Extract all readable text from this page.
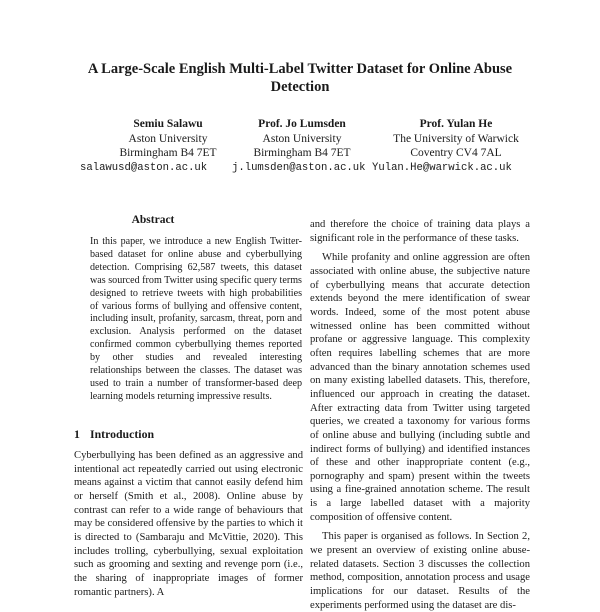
A Large-Scale English Multi-Label Twitter Dataset for Online Abuse Detection
Semiu Salawu
Aston University
Birmingham B4 7ET
Prof. Jo Lumsden
Aston University
Birmingham B4 7ET
Prof. Yulan He
The University of Warwick
Coventry CV4 7AL
salawusd@aston.ac.uk j.lumsden@aston.ac.uk Yulan.He@warwick.ac.uk
Abstract

In this paper, we introduce a new English Twitter-based dataset for online abuse and cyberbullying detection. Comprising 62,587 tweets, this dataset was sourced from Twitter using specific query terms designed to retrieve tweets with high probabilities of various forms of bullying and offensive content, including insult, profanity, sarcasm, threat, porn and exclusion. Analysis performed on the dataset confirmed common cyberbullying themes reported by other studies and revealed interesting relationships between the classes. The dataset was used to train a number of transformer-based deep learning models returning impressive results.

1 Introduction

Cyberbullying has been defined as an aggressive and intentional act repeatedly carried out using electronic means against a victim that cannot easily defend him or herself (Smith et al., 2008). Online abuse by contrast can refer to a wide range of behaviours that may be considered offensive by the parties to which it is directed to (Sambaraju and McVittie, 2020). This includes trolling, cyberbullying, sexual exploitation such as grooming and sexting and revenge porn (i.e., the sharing of inappropriate images of former romantic partners). A

and therefore the choice of training data plays a significant role in the performance of these tasks.

While profanity and online aggression are often associated with online abuse, the subjective nature of cyberbullying means that accurate detection extends beyond the mere identification of swear words. Indeed, some of the most potent abuse witnessed online has been committed without profane or aggressive language. This complexity often requires labelling schemes that are more advanced than the binary annotation schemes used on many existing labelled datasets. This, therefore, influenced our approach in creating the dataset. After extracting data from Twitter using targeted queries, we created a taxonomy for various forms of online abuse and bullying (including subtle and indirect forms of bullying) and identified instances of these and other inappropriate content (e.g., pornography and spam) present within the tweets using a fine-grained annotation scheme. The result is a large labelled dataset with a majority composition of offensive content.

This paper is organised as follows. In Section 2, we present an overview of existing online abuse-related datasets. Section 3 discusses the collection method, composition, annotation process and usage implications for our dataset. Results of the experiments performed using the dataset are dis-
